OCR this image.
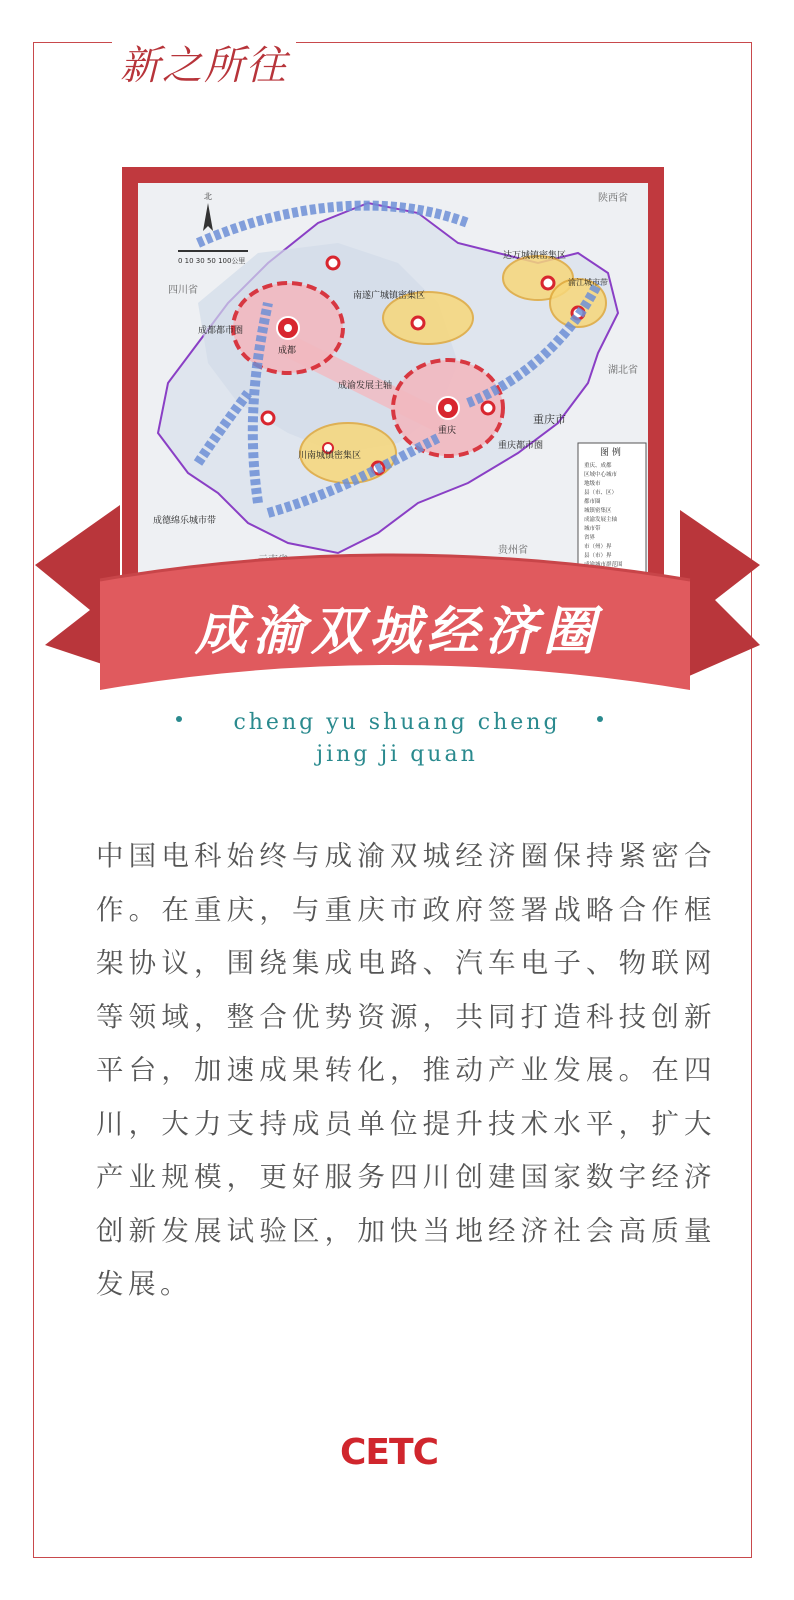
新之所往
陕西省
四川省
湖北省
贵州省
重庆市
成都
重庆
成都都市圈
重庆都市圈
南遂广城镇密集区
达万城镇密集区
渝江城市带
川南城镇密集区
成渝发展主轴
成德绵乐城市带
0 10 30 50 100公里
北
图 例
重庆、成都
区域中心城市
地级市
县（市、区）
都市圈
城镇密集区
成渝发展主轴
城市带
省界
市（州）界
县（市）界
成渝城市群范围
成渝双城经济圈
cheng yu shuang cheng
jing ji quan
中国电科始终与成渝双城经济圈保持紧密合作。在重庆，与重庆市政府签署战略合作框架协议，围绕集成电路、汽车电子、物联网等领域，整合优势资源，共同打造科技创新平台，加速成果转化，推动产业发展。在四川，大力支持成员单位提升技术水平，扩大产业规模，更好服务四川创建国家数字经济创新发展试验区，加快当地经济社会高质量发展。
CETC
